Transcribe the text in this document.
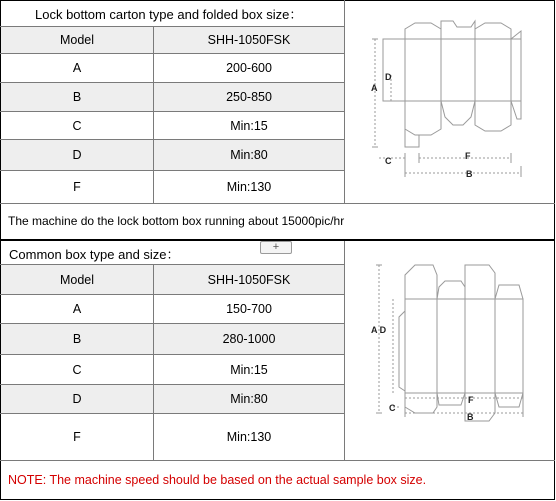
Lock bottom carton type and folded box size：
Model	SHH-1050FSK
A	200-600
B	250-850
C	Min:15
D	Min:80
F	Min:130
The machine do the lock bottom box running about 15000pic/hr
Common box type and size：	+
Model	SHH-1050FSK
A	150-700
B	280-1000
C	Min:15
D	Min:80
F	Min:130
NOTE: The machine speed should be based on the actual sample box size.
A
D
C	F
B
A D
C
F
B
